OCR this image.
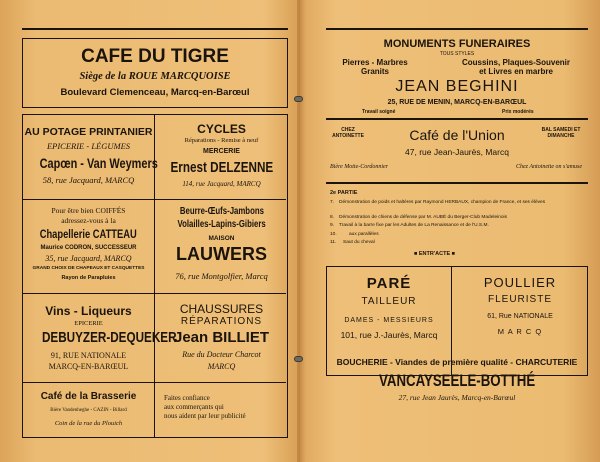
CAFE DU TIGRE
Siège de la ROUE MARCQUOISE
Boulevard Clemenceau, Marcq-en-Barœul
AU POTAGE PRINTANIER
EPICERIE - LÉGUMES
Capœn - Van Weymers
58, rue Jacquard, MARCQ
CYCLES
Réparations - Remise à neuf
MERCERIE
Ernest DELZENNE
114, rue Jacquard, MARCQ
Pour être bien COIFFÉS
adressez-vous à la
Chapellerie CATTEAU
Maurice CODRON, SUCCESSEUR
35, rue Jacquard, MARCQ
GRAND CHOIX DE CHAPEAUX ET CASQUETTES
Rayon de Parapluies
Beurre-Œufs-Jambons
Volailles-Lapins-Gibiers
MAISON
LAUWERS
76, rue Montgolfier, Marcq
Vins - Liqueurs
EPICERIE
DEBUYZER-DEQUEKER
91, RUE NATIONALE
MARCQ-EN-BARŒUL
CHAUSSURES
RÉPARATIONS
Jean BILLIET
Rue du Docteur Charcot
MARCQ
Café de la Brasserie
Bière Vandenheghe - CAZIN - Billard
Coin de la rue du Plouich
Faites confiance
aux commerçants qui
nous aident par leur publicité
MONUMENTS FUNERAIRES
TOUS STYLES
Pierres - Marbres
Granits
Coussins, Plaques-Souvenir
et Livres en marbre
JEAN BEGHINI
25, RUE DE MENIN, MARCQ-EN-BARŒUL
Travail soigné	Prix modérés
CHEZ ANTOINETTE	Café de l'Union	BAL SAMEDI ET DIMANCHE
47, rue Jean-Jaurès, Marcq
Bière Motte-Cordonnier	Chez Antoinette on s'amuse
2e PARTIE
7. Démonstration de poids et haltères par Raymond HERBAUX, champion de France, et ses élèves
8. Démonstration de chiens de défense par M. AUBÉ du Berger-Club Madeleinois
9. Travail à la barre fixe par les Adultes de La Renaissance et de l'U.S.M.
10.	aux parallèles
11. Saut du cheval
■ ENTR'ACTE ■
PARÉ
TAILLEUR
DAMES - MESSIEURS
101, rue J.-Jaurès, Marcq
POULLIER
FLEURISTE
61, Rue NATIONALE
M A R C Q
BOUCHERIE - Viandes de première qualité - CHARCUTERIE
VANCAYSEELE-BOTTHÉ
27, rue Jean Jaurès, Marcq-en-Barœul
